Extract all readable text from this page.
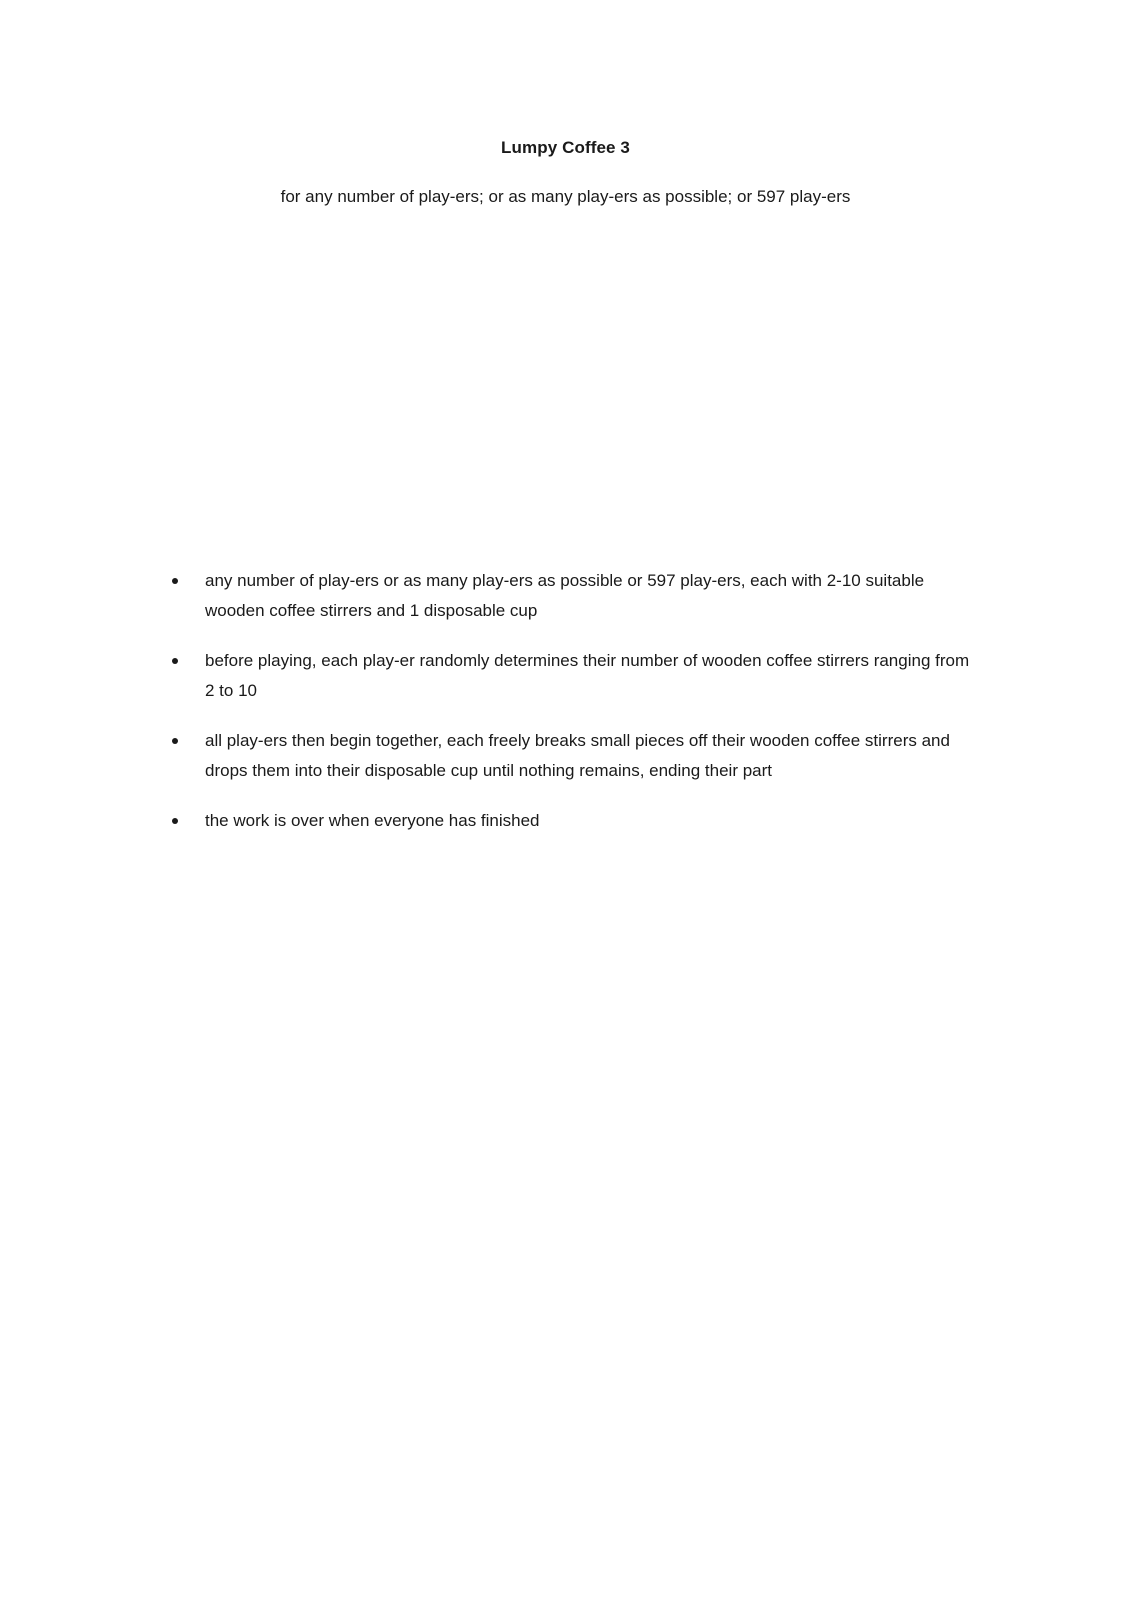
Lumpy Coffee 3
for any number of play-ers; or as many play-ers as possible; or 597 play-ers
any number of play-ers or as many play-ers as possible or 597 play-ers, each with 2-10 suitable wooden coffee stirrers and 1 disposable cup
before playing, each play-er randomly determines their number of wooden coffee stirrers ranging from 2 to 10
all play-ers then begin together, each freely breaks small pieces off their wooden coffee stirrers and drops them into their disposable cup until nothing remains, ending their part
the work is over when everyone has finished
